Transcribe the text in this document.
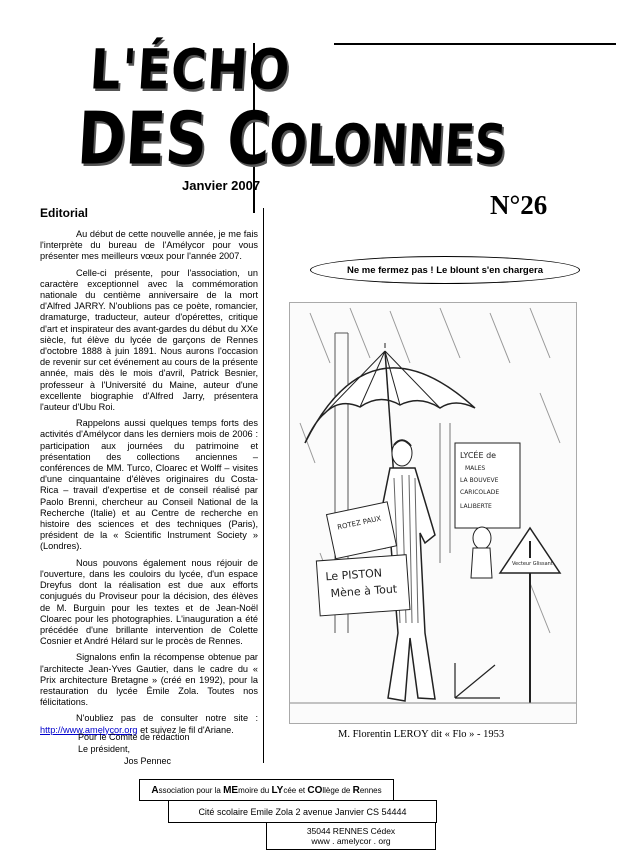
L'ÉCHO
DES COLONNES
Janvier 2007
N°26
Editorial

Au début de cette nouvelle année, je me fais l'interprète du bureau de l'Amélycor pour vous présenter mes meilleurs vœux pour l'année 2007.

Celle-ci présente, pour l'association, un caractère exceptionnel avec la commémoration nationale du centième anniversaire de la mort d'Alfred JARRY. N'oublions pas ce poète, romancier, dramaturge, traducteur, auteur d'opérettes, critique d'art et inspirateur des avant-gardes du début du XXe siècle, fut élève du lycée de garçons de Rennes d'octobre 1888 à juin 1891. Nous aurons l'occasion de revenir sur cet événement au cours de la présente année, mais dès le mois d'avril, Patrick Besnier, professeur à l'Université du Maine, auteur d'une excellente biographie d'Alfred Jarry, présentera l'auteur d'Ubu Roi.

Rappelons aussi quelques temps forts des activités d'Amélycor dans les derniers mois de 2006 : participation aux journées du patrimoine et présentation des collections anciennes – conférences de MM. Turco, Cloarec et Wolff – visites d'une cinquantaine d'élèves originaires du Costa-Rica – travail d'expertise et de conseil réalisé par Paolo Brenni, chercheur au Conseil National de la Recherche (Italie) et au Centre de recherche en histoire des sciences et des techniques (Paris), président de la « Scientific Instrument Society » (Londres).

Nous pouvons également nous réjouir de l'ouverture, dans les couloirs du lycée, d'un espace Dreyfus dont la réalisation est due aux efforts conjugués du Proviseur pour la décision, des élèves de M. Burguin pour les textes et de Jean-Noël Cloarec pour les photographies. L'inauguration a été précédée d'une brillante intervention de Colette Cosnier et André Hélard sur le procès de Rennes.

Signalons enfin la récompense obtenue par l'architecte Jean-Yves Gautier, dans le cadre du « Prix architecture Bretagne » (créé en 1992), pour la restauration du lycée Émile Zola. Toutes nos félicitations.

N'oubliez pas de consulter notre site : http://www.amelycor.org et suivez le fil d'Ariane.

Pour le Comité de rédaction
Le président,
Jos Pennec
Ne me fermez pas ! Le blount s'en chargera
LYCÉE de
MALES
LA BOUVEVE
CARICOLADE
LALIBERTE
ROTEZ PAUX
Le PISTON
Mène à Tout
Vecteur Glissant
M. Florentin LEROY dit « Flo » - 1953
Association pour la MEmoire du LYcée et COllège de Rennes
Cité scolaire Emile Zola 2 avenue Janvier CS 54444
35044 RENNES Cédex
www . amelycor . org
